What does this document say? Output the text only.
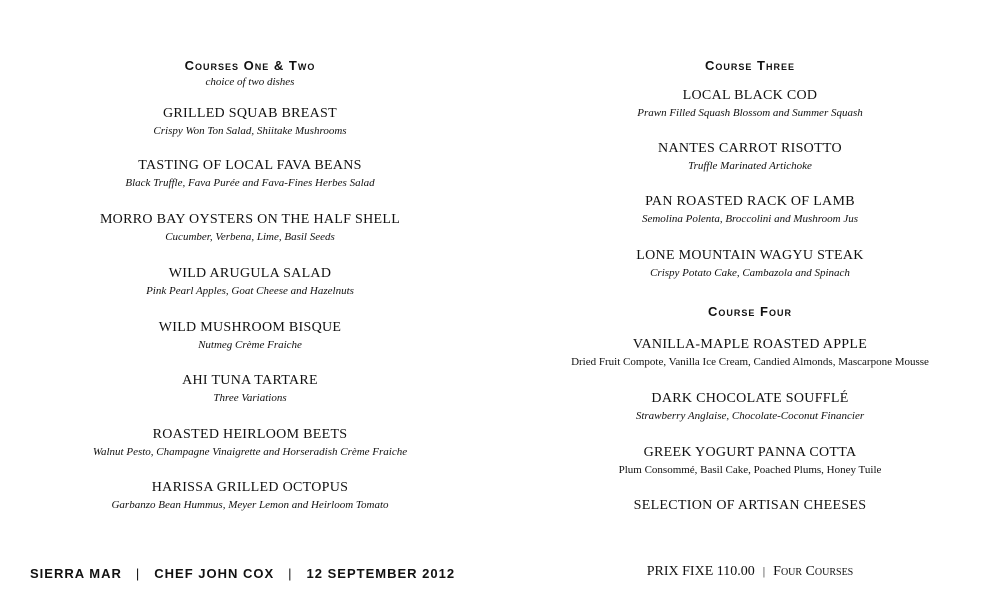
Courses One & Two
choice of two dishes
GRILLED SQUAB BREAST
Crispy Won Ton Salad, Shiitake Mushrooms
TASTING OF LOCAL FAVA BEANS
Black Truffle, Fava Purée and Fava-Fines Herbes Salad
MORRO BAY OYSTERS ON THE HALF SHELL
Cucumber, Verbena, Lime, Basil Seeds
WILD ARUGULA SALAD
Pink Pearl Apples, Goat Cheese and Hazelnuts
WILD MUSHROOM BISQUE
Nutmeg Crème Fraiche
AHI TUNA TARTARE
Three Variations
ROASTED HEIRLOOM BEETS
Walnut Pesto, Champagne Vinaigrette and Horseradish Crème Fraiche
HARISSA GRILLED OCTOPUS
Garbanzo Bean Hummus, Meyer Lemon and Heirloom Tomato
Course Three
LOCAL BLACK COD
Prawn Filled Squash Blossom and Summer Squash
NANTES CARROT RISOTTO
Truffle Marinated Artichoke
PAN ROASTED RACK OF LAMB
Semolina Polenta, Broccolini and Mushroom Jus
LONE MOUNTAIN WAGYU STEAK
Crispy Potato Cake, Cambazola and Spinach
Course Four
VANILLA-MAPLE ROASTED APPLE
Dried Fruit Compote, Vanilla Ice Cream, Candied Almonds, Mascarpone Mousse
DARK CHOCOLATE SOUFFLÉ
Strawberry Anglaise, Chocolate-Coconut Financier
GREEK YOGURT PANNA COTTA
Plum Consommé, Basil Cake, Poached Plums, Honey Tuile
SELECTION OF ARTISAN CHEESES
SIERRA MAR | CHEF JOHN COX | 12 SEPTEMBER 2012	PRIX FIXE 110.00 | Four Courses
